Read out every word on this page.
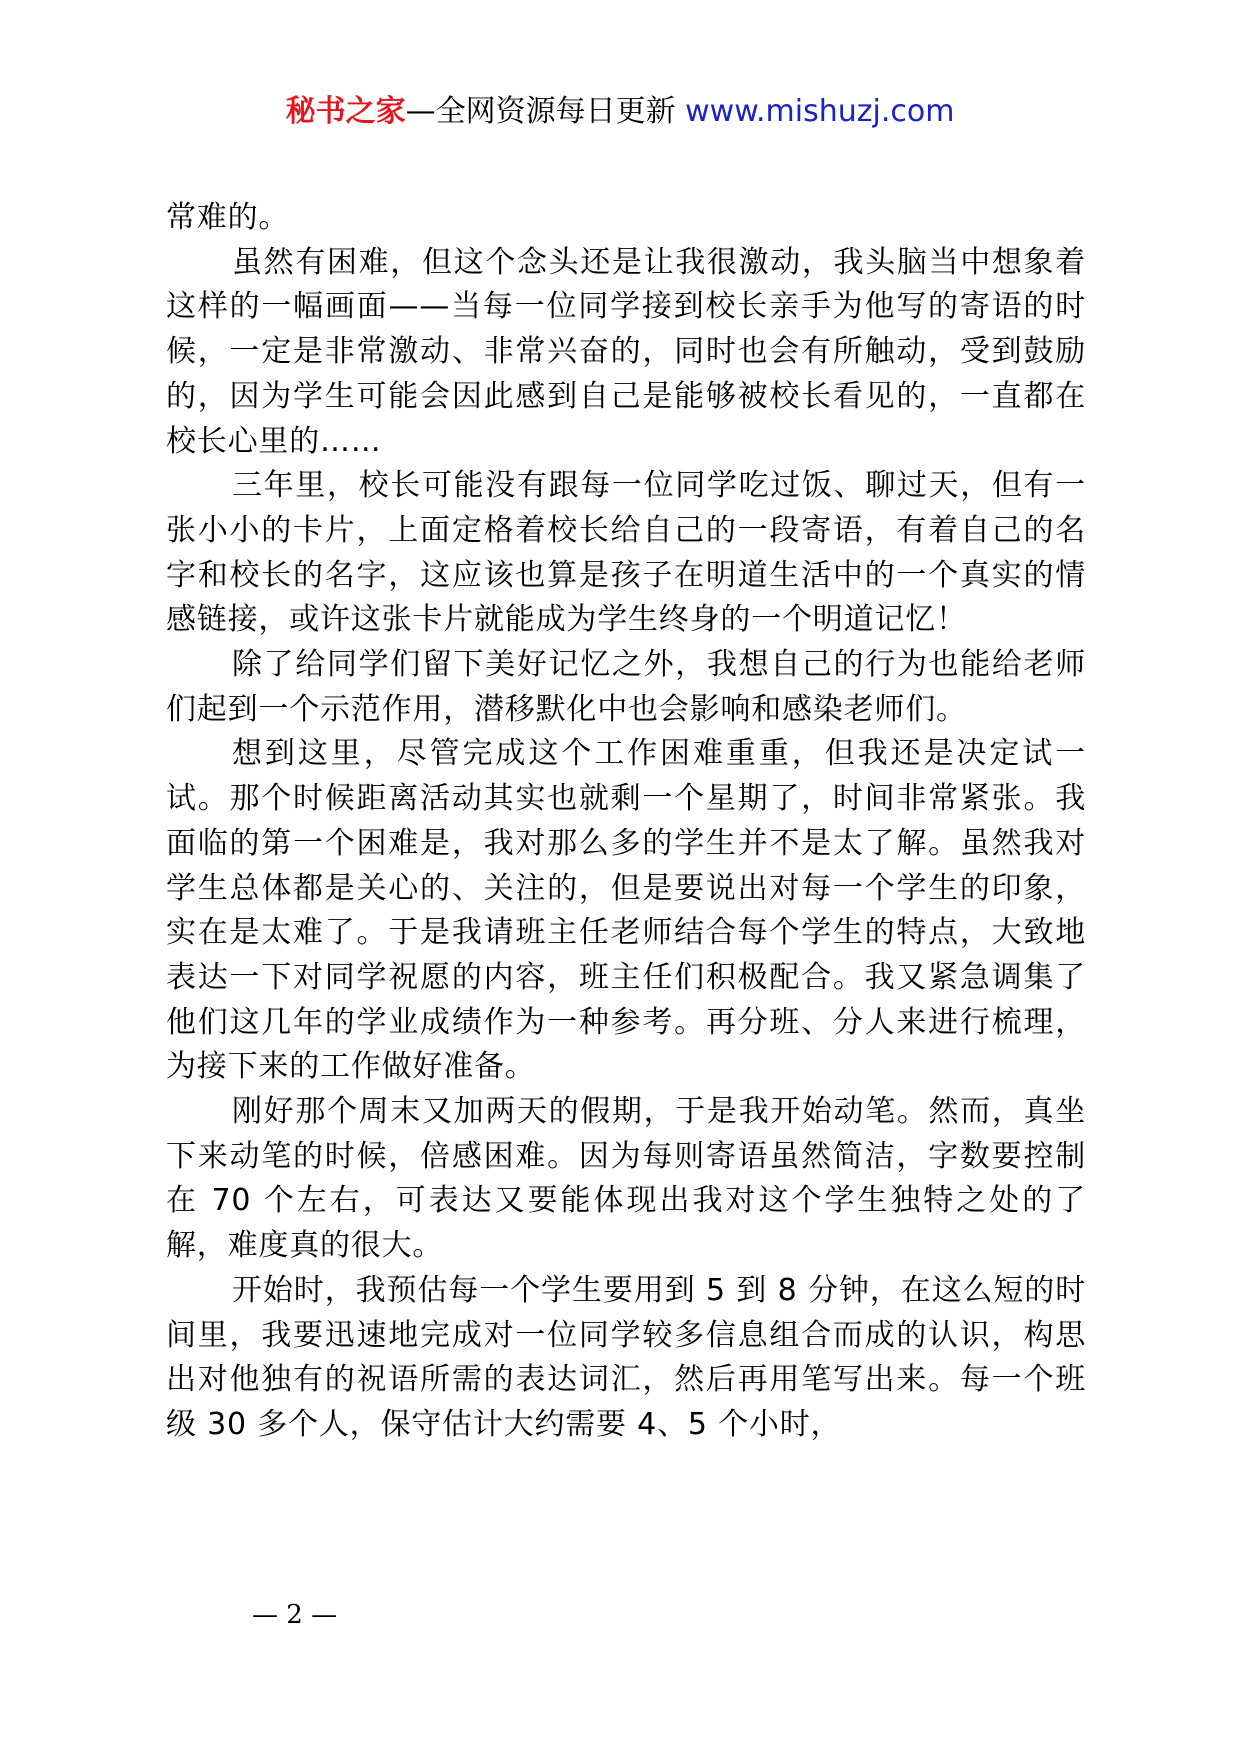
秘书之家—全网资源每日更新 www.mishuzj.com

常难的。

虽然有困难，但这个念头还是让我很激动，我头脑当中想象着这样的一幅画面——当每一位同学接到校长亲手为他写的寄语的时候，一定是非常激动、非常兴奋的，同时也会有所触动，受到鼓励的，因为学生可能会因此感到自己是能够被校长看见的，一直都在校长心里的……

三年里，校长可能没有跟每一位同学吃过饭、聊过天，但有一张小小的卡片，上面定格着校长给自己的一段寄语，有着自己的名字和校长的名字，这应该也算是孩子在明道生活中的一个真实的情感链接，或许这张卡片就能成为学生终身的一个明道记忆！

除了给同学们留下美好记忆之外，我想自己的行为也能给老师们起到一个示范作用，潜移默化中也会影响和感染老师们。

想到这里，尽管完成这个工作困难重重，但我还是决定试一试。那个时候距离活动其实也就剩一个星期了，时间非常紧张。我面临的第一个困难是，我对那么多的学生并不是太了解。虽然我对学生总体都是关心的、关注的，但是要说出对每一个学生的印象，实在是太难了。于是我请班主任老师结合每个学生的特点，大致地表达一下对同学祝愿的内容，班主任们积极配合。我又紧急调集了他们这几年的学业成绩作为一种参考。再分班、分人来进行梳理，为接下来的工作做好准备。

刚好那个周末又加两天的假期，于是我开始动笔。然而，真坐下来动笔的时候，倍感困难。因为每则寄语虽然简洁，字数要控制在 70 个左右，可表达又要能体现出我对这个学生独特之处的了解，难度真的很大。

开始时，我预估每一个学生要用到 5 到 8 分钟，在这么短的时间里，我要迅速地完成对一位同学较多信息组合而成的认识，构思出对他独有的祝语所需的表达词汇，然后再用笔写出来。每一个班级 30 多个人，保守估计大约需要 4、5 个小时，

— 2 —
